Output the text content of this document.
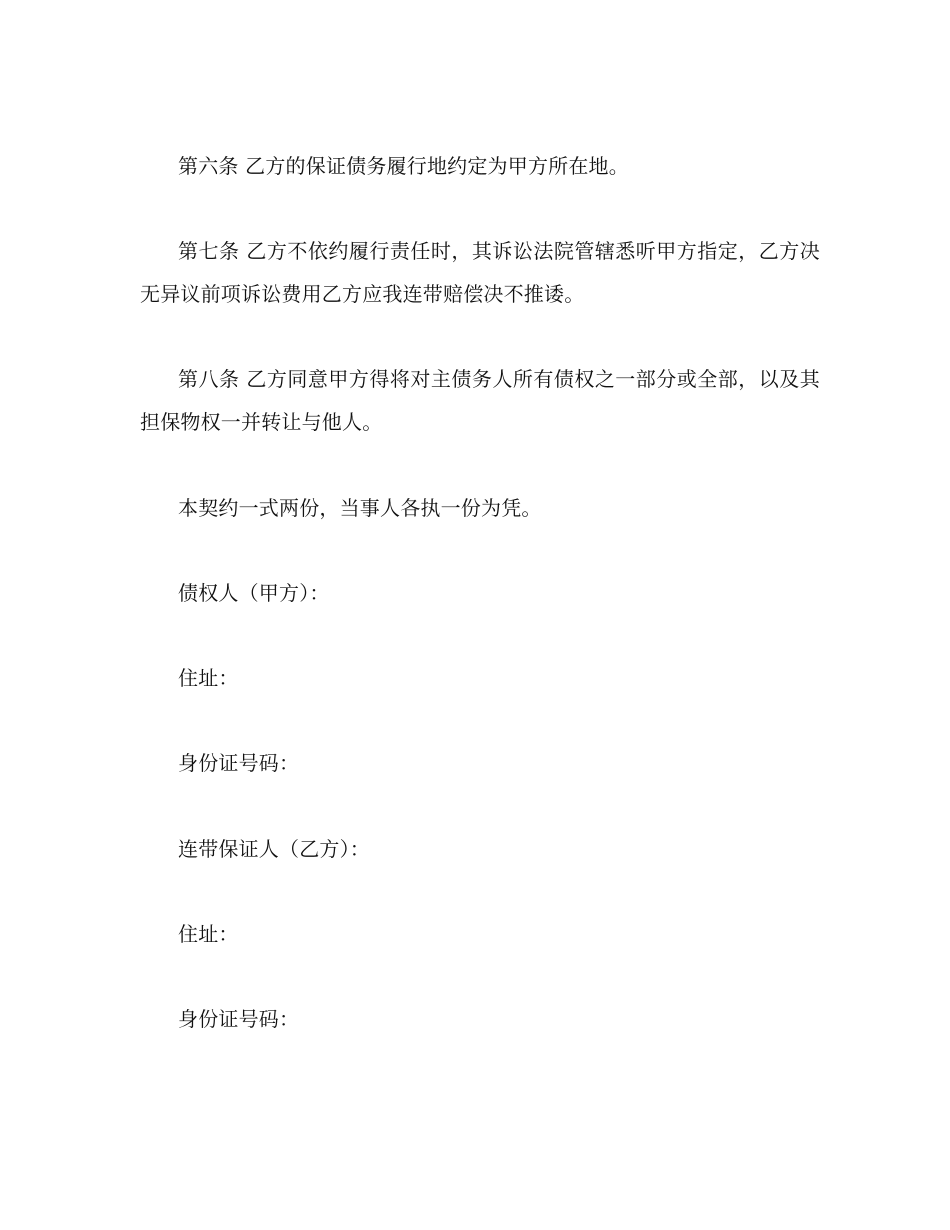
第六条 乙方的保证债务履行地约定为甲方所在地。

第七条 乙方不依约履行责任时，其诉讼法院管辖悉听甲方指定，乙方决无异议前项诉讼费用乙方应我连带赔偿决不推诿。

第八条 乙方同意甲方得将对主债务人所有债权之一部分或全部，以及其担保物权一并转让与他人。

本契约一式两份，当事人各执一份为凭。

债权人（甲方）：

住址：

身份证号码：

连带保证人（乙方）：

住址：

身份证号码：
